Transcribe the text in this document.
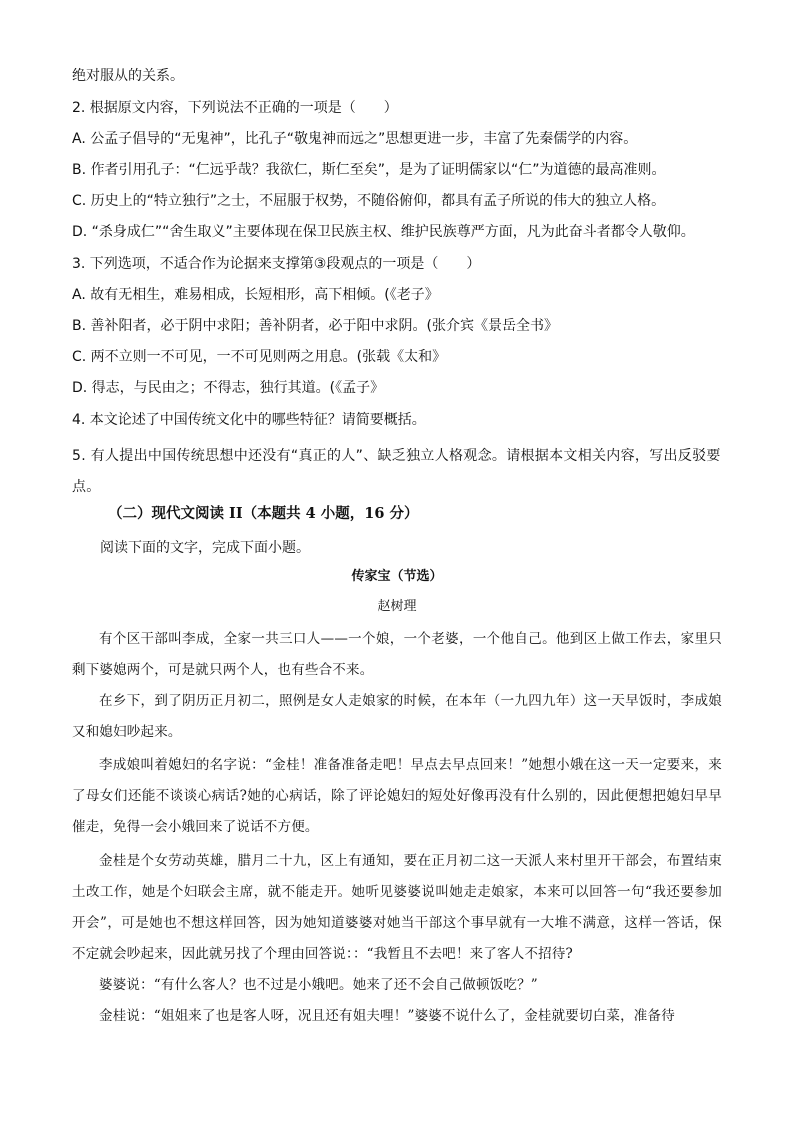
绝对服从的关系。

2. 根据原文内容，下列说法不正确的一项是（　　）

A. 公孟子倡导的“无鬼神”，比孔子“敬鬼神而远之”思想更进一步，丰富了先秦儒学的内容。

B. 作者引用孔子：“仁远乎哉？我欲仁，斯仁至矣”，是为了证明儒家以“仁”为道德的最高准则。

C. 历史上的“特立独行”之士，不屈服于权势，不随俗俯仰，都具有孟子所说的伟大的独立人格。

D. “杀身成仁”“舍生取义”主要体现在保卫民族主权、维护民族尊严方面，凡为此奋斗者都令人敬仰。

3. 下列选项，不适合作为论据来支撑第③段观点的一项是（　　）

A. 故有无相生，难易相成，长短相形，高下相倾。(《老子》

B. 善补阳者，必于阴中求阳；善补阴者，必于阳中求阴。(张介宾《景岳全书》

C. 两不立则一不可见，一不可见则两之用息。(张载《太和》

D. 得志，与民由之；不得志，独行其道。(《孟子》

4. 本文论述了中国传统文化中的哪些特征？请简要概括。

5. 有人提出中国传统思想中还没有“真正的人”、缺乏独立人格观念。请根据本文相关内容，写出反驳要点。

（二）现代文阅读 II（本题共 4 小题，16 分）

阅读下面的文字，完成下面小题。

传家宝（节选）

赵树理

有个区干部叫李成，全家一共三口人——一个娘，一个老婆，一个他自己。他到区上做工作去，家里只剩下婆媳两个，可是就只两个人，也有些合不来。

在乡下，到了阴历正月初二，照例是女人走娘家的时候，在本年（一九四九年）这一天早饭时，李成娘又和媳妇吵起来。

李成娘叫着媳妇的名字说：“金桂！准备准备走吧！早点去早点回来！”她想小娥在这一天一定要来，来了母女们还能不谈谈心病话?她的心病话，除了评论媳妇的短处好像再没有什么别的，因此便想把媳妇早早催走，免得一会小娥回来了说话不方便。

金桂是个女劳动英雄，腊月二十九，区上有通知，要在正月初二这一天派人来村里开干部会，布置结束土改工作，她是个妇联会主席，就不能走开。她听见婆婆说叫她走走娘家，本来可以回答一句“我还要参加开会”，可是她也不想这样回答，因为她知道婆婆对她当干部这个事早就有一大堆不满意，这样一答话，保不定就会吵起来，因此就另找了个理由回答说：：“我暂且不去吧！来了客人不招待?

婆婆说：“有什么客人？也不过是小娥吧。她来了还不会自己做顿饭吃？”

金桂说：“姐姐来了也是客人呀，况且还有姐夫哩！”婆婆不说什么了，金桂就要切白菜，准备待
